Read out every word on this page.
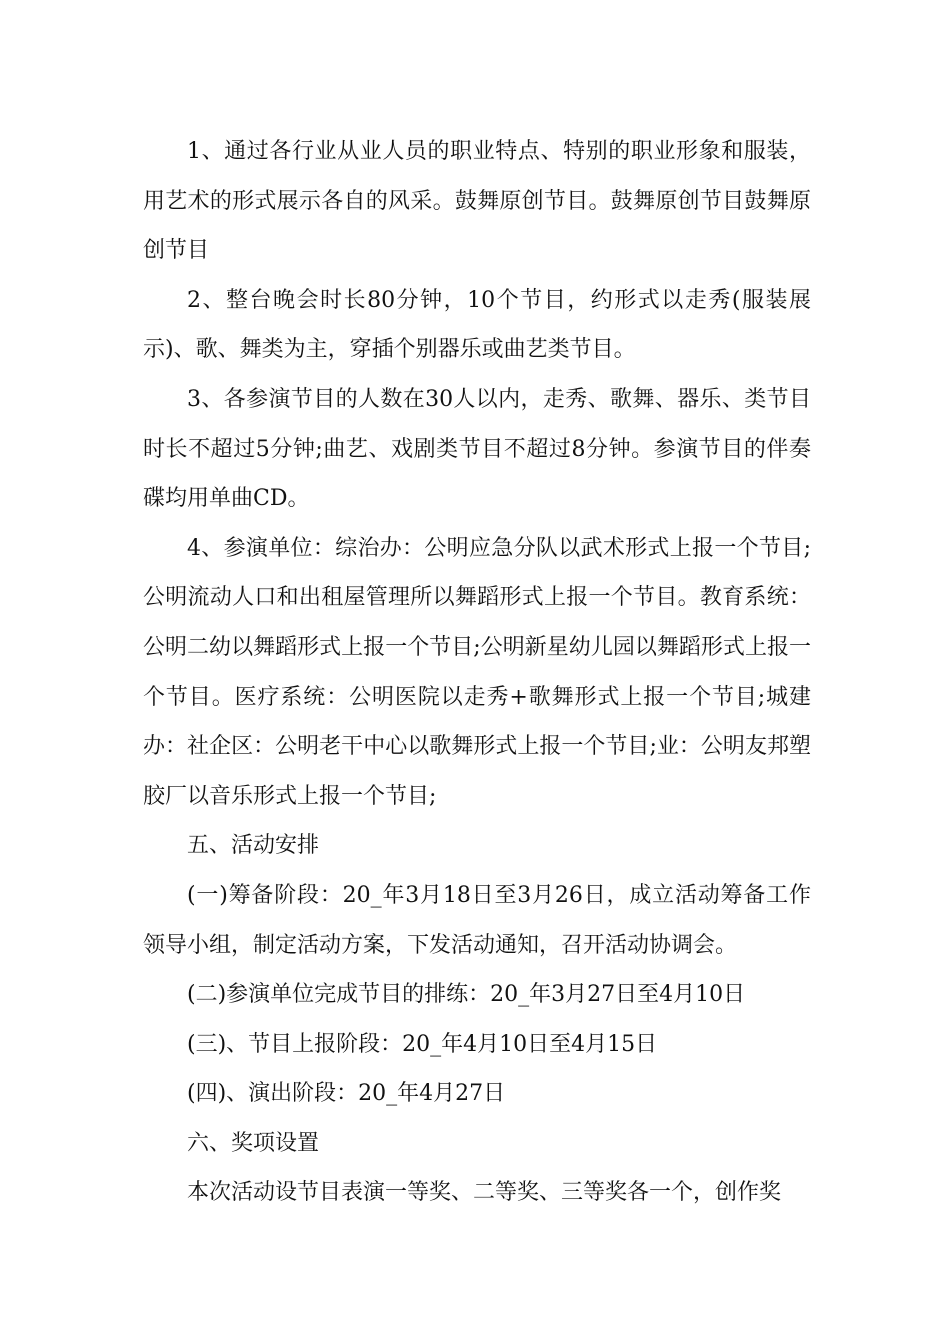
1、通过各行业从业人员的职业特点、特别的职业形象和服装，用艺术的形式展示各自的风采。鼓舞原创节目。鼓舞原创节目鼓舞原创节目

2、整台晚会时长80分钟，10个节目，约形式以走秀(服装展示)、歌、舞类为主，穿插个别器乐或曲艺类节目。

3、各参演节目的人数在30人以内，走秀、歌舞、器乐、类节目时长不超过5分钟;曲艺、戏剧类节目不超过8分钟。参演节目的伴奏碟均用单曲CD。

4、参演单位：综治办：公明应急分队以武术形式上报一个节目;公明流动人口和出租屋管理所以舞蹈形式上报一个节目。教育系统：公明二幼以舞蹈形式上报一个节目;公明新星幼儿园以舞蹈形式上报一个节目。医疗系统：公明医院以走秀+歌舞形式上报一个节目;城建办：社企区：公明老干中心以歌舞形式上报一个节目;业：公明友邦塑胶厂以音乐形式上报一个节目;

五、活动安排

(一)筹备阶段：20_年3月18日至3月26日，成立活动筹备工作领导小组，制定活动方案，下发活动通知，召开活动协调会。

(二)参演单位完成节目的排练：20_年3月27日至4月10日

(三)、节目上报阶段：20_年4月10日至4月15日

(四)、演出阶段：20_年4月27日

六、奖项设置

本次活动设节目表演一等奖、二等奖、三等奖各一个，创作奖
